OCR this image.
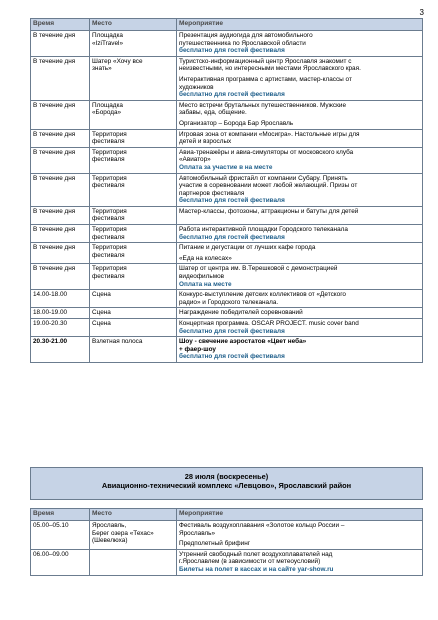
3
Время	Место	Мероприятие

В течение дня	Площадка
«IziTravel»	Презентация аудиогида для автомобильного
путешественника по Ярославской области
бесплатно для гостей фестиваля

В течение дня	Шатер «Хочу все
знать»	Туристско-информационный центр Ярославля знакомит с
неизвестными, но интересными местами Ярославского края.
Интерактивная программа с артистами, мастер-классы от
художников
бесплатно для гостей фестиваля

В течение дня	Площадка
«Борода»	Место встречи брутальных путешественников. Мужские
забавы, еда, общение.
Организатор – Борода Бар Ярославль

В течение дня	Территория
фестиваля	Игровая зона от компании «Мосигра». Настольные игры для
детей и взрослых

В течение дня	Территория
фестиваля	Авиа-тренажёры и авиа-симуляторы от московского клуба
«Авиатор»
Оплата за участие в на месте

В течение дня	Территория
фестиваля	Автомобильный фристайл от компании Субару. Принять
участие в соревновании может любой желающий. Призы от
партнеров фестиваля
бесплатно для гостей фестиваля

В течение дня	Территория
фестиваля	Мастер-классы, фотозоны, аттракционы и батуты для детей

В течение дня	Территория
фестиваля	Работа интерактивной площадки Городского телеканала
бесплатно для гостей фестиваля

В течение дня	Территория
фестиваля	Питание и дегустации от лучших кафе города
«Еда на колесах»

В течение дня	Территория
фестиваля	Шатер от центра им. В.Терешковой с демонстрацией
видеофильмов
Оплата на месте

14.00-18.00	Сцена	Конкурс-выступление детских коллективов от «Детского
радио» и Городского телеканала.

18.00-19.00	Сцена	Награждение победителей соревнований

19.00-20.30	Сцена	Концертная программа. OSCAR PROJECT. music cover band
бесплатно для гостей фестиваля

20.30-21.00	Взлетная полоса	Шоу - свечение аэростатов «Цвет неба»
+ фаер-шоу
бесплатно для гостей фестиваля
28 июля (воскресенье)
Авиационно-технический комплекс «Левцово», Ярославский район
Время	Место	Мероприятие

05.00–05.10	Ярославль,
Берег озера «Техас»
(Шевелюха)	Фестиваль воздухоплавания «Золотое кольцо России –
Ярославль»
Предполетный брифинг

06.00–09.00		Утренний свободный полет воздухоплавателей над
г.Ярославлем (в зависимости от метеоусловий)
Билеты на полет в кассах и на сайте yar-show.ru
